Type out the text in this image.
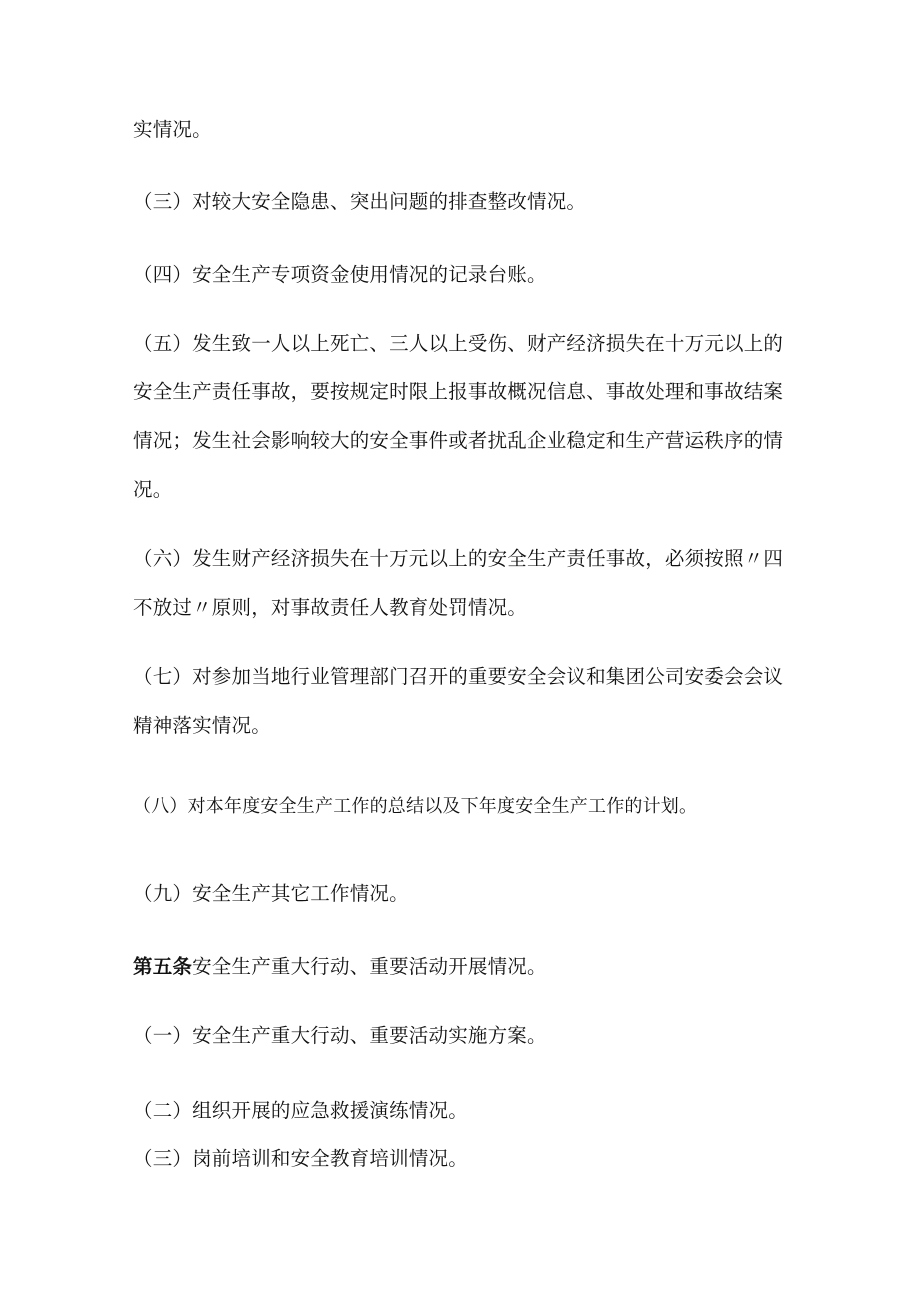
实情况。
（三）对较大安全隐患、突出问题的排查整改情况。
（四）安全生产专项资金使用情况的记录台账。
（五）发生致一人以上死亡、三人以上受伤、财产经济损失在十万元以上的
安全生产责任事故，要按规定时限上报事故概况信息、事故处理和事故结案
情况；发生社会影响较大的安全事件或者扰乱企业稳定和生产营运秩序的情
况。
（六）发生财产经济损失在十万元以上的安全生产责任事故，必须按照〃四
不放过〃原则，对事故责任人教育处罚情况。
（七）对参加当地行业管理部门召开的重要安全会议和集团公司安委会会议
精神落实情况。
（八）对本年度安全生产工作的总结以及下年度安全生产工作的计划。
（九）安全生产其它工作情况。
第五条安全生产重大行动、重要活动开展情况。
（一）安全生产重大行动、重要活动实施方案。
（二）组织开展的应急救援演练情况。
（三）岗前培训和安全教育培训情况。
